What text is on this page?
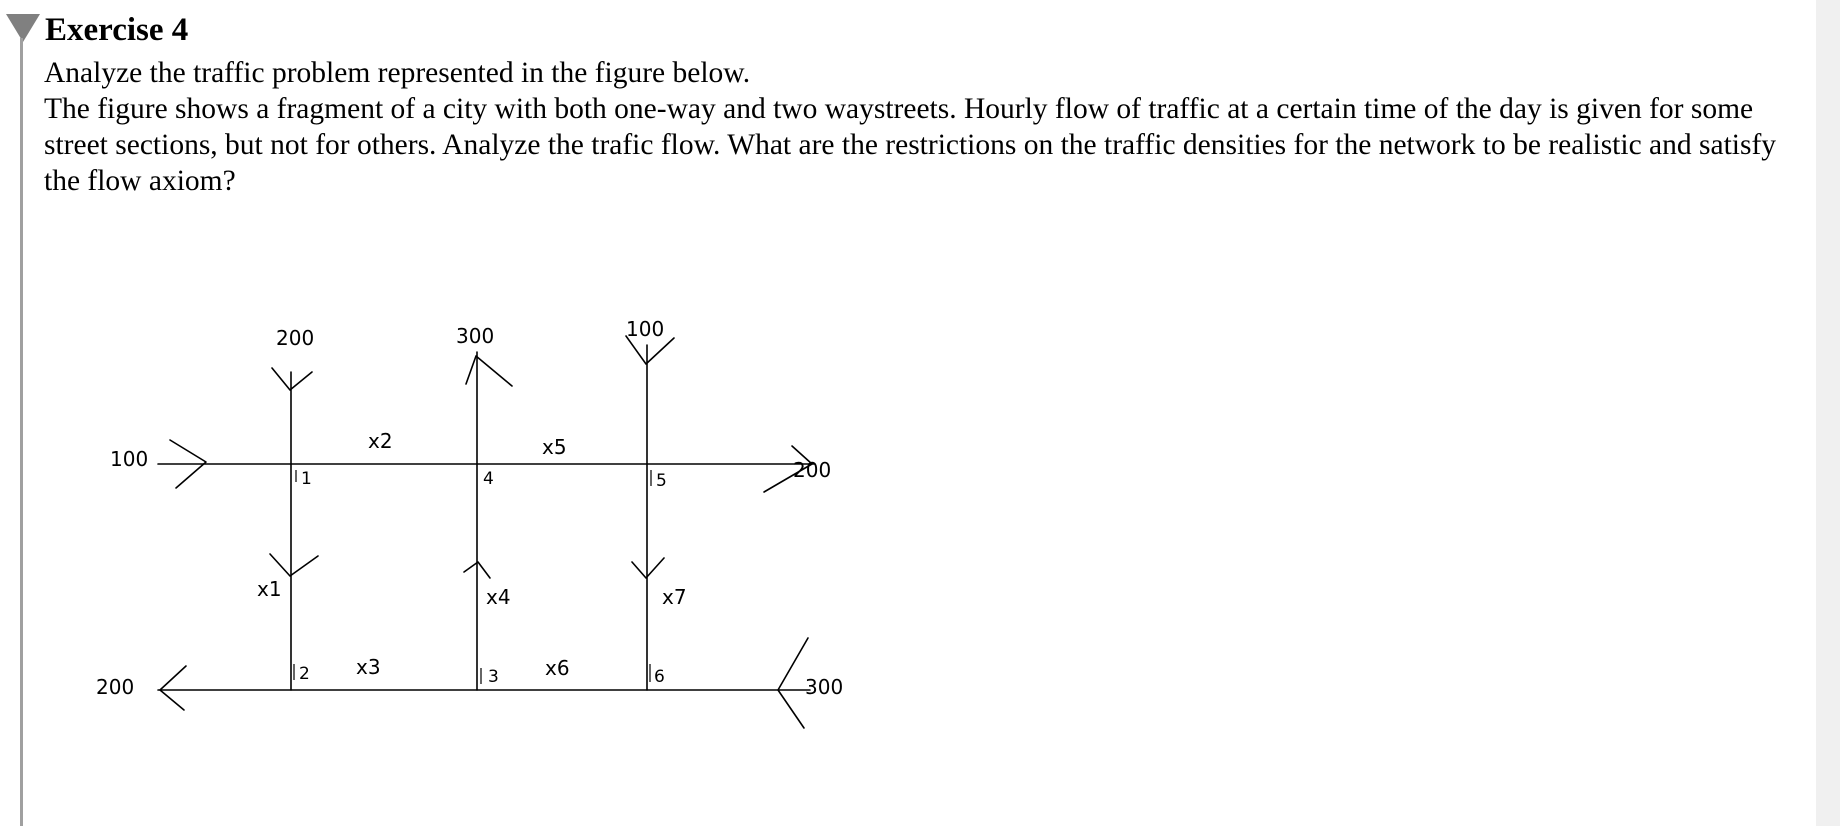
Exercise 4
Analyze the traffic problem represented in the figure below.
The figure shows a fragment of a city with both one-way and two waystreets. Hourly flow of traffic at a certain time of the day is given for some street sections, but not for others. Analyze the trafic flow. What are the restrictions on the traffic densities for the network to be realistic and satisfy the flow axiom?
200	300	100
100	200
200	300
x1
x2
x3
x4
x5
x6
x7
1
2	3
4	5
6
